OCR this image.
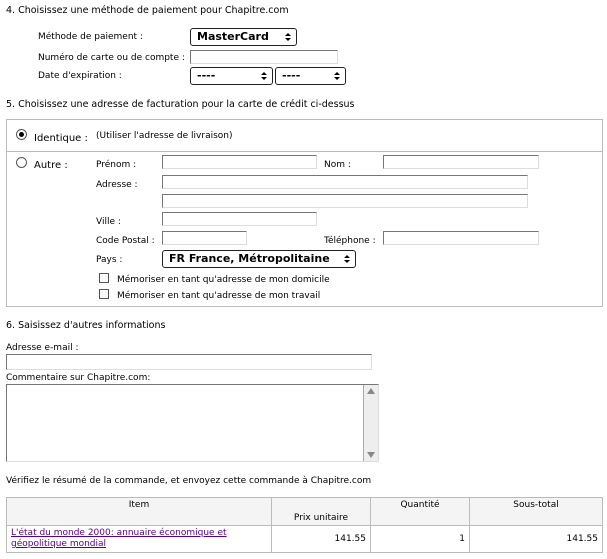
4. Choisissez une méthode de paiement pour Chapitre.com
Méthode de paiement :	MasterCard
Numéro de carte ou de compte :
Date d'expiration :	----	----
5. Choisissez une adresse de facturation pour la carte de crédit ci-dessus
Identique : (Utiliser l'adresse de livraison)
Autre :	Prénom :	Nom :
Adresse :
Ville :
Code Postal :	Téléphone :
Pays :	FR France, Métropolitaine
Mémoriser en tant qu'adresse de mon domicile
Mémoriser en tant qu'adresse de mon travail
6. Saisissez d'autres informations
Adresse e-mail :
Commentaire sur Chapitre.com:
Vérifiez le résumé de la commande, et envoyez cette commande à Chapitre.com
Item	Prix unitaire	Quantité	Sous-total
L'état du monde 2000: annuaire économique et
géopolitique mondial	141.55	1	141.55
